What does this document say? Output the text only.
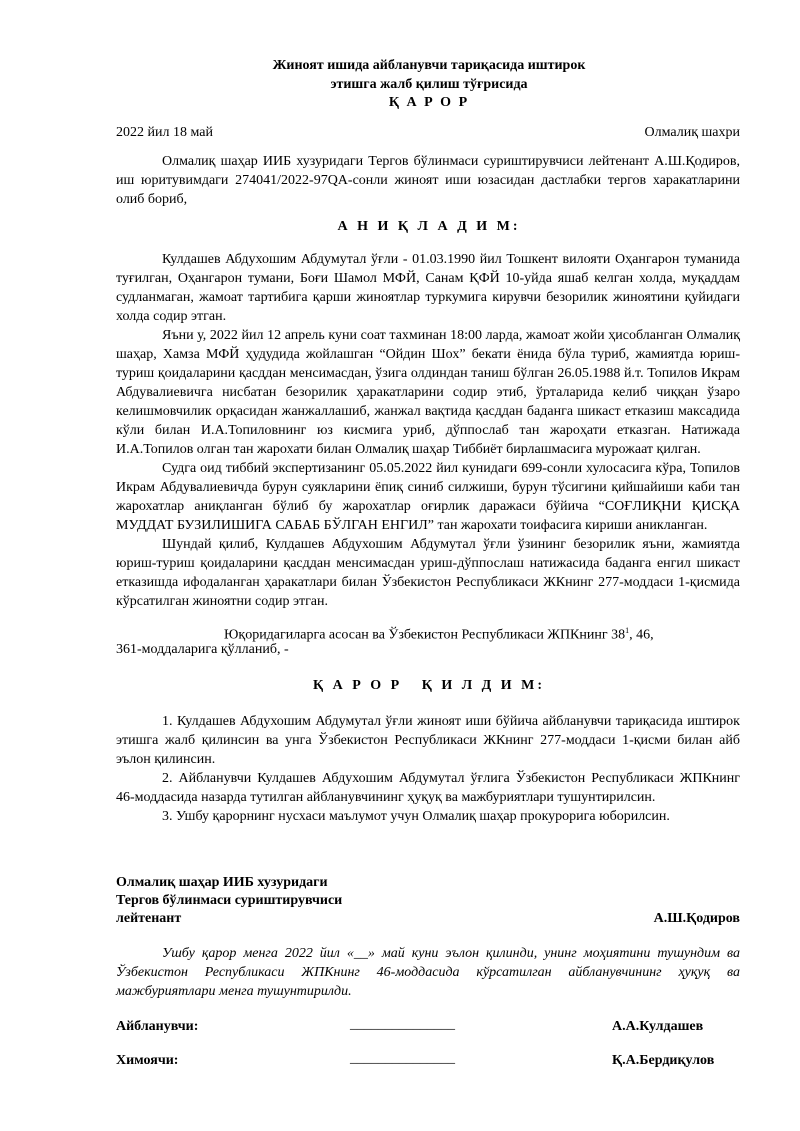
Жиноят ишида айбланувчи тариқасида иштирок
этишга жалб қилиш тўғрисида
Қ А Р О Р
2022 йил 18 май	Олмалиқ шахри

Олмалиқ шаҳар ИИБ хузуридаги Тергов бўлинмаси суриштирувчиси лейтенант А.Ш.Қодиров, иш юритувимдаги 274041/2022-97QА-сонли жиноят иши юзасидан дастлабки тергов харакатларини олиб бориб,

А Н И Қ Л А Д И М:

Кулдашев Абдухошим Абдумутал ўғли - 01.03.1990 йил Тошкент вилояти Оҳангарон туманида туғилган, Оҳангарон тумани, Боғи Шамол МФЙ, Санам ҚФЙ 10-уйда яшаб келган холда, муқаддам судланмаган, жамоат тартибига қарши жиноятлар туркумига кирувчи безорилик жиноятини қуйидаги холда содир этган.

Яъни у, 2022 йил 12 апрель куни соат тахминан 18:00 ларда, жамоат жойи ҳисобланган Олмалиқ шаҳар, Хамза МФЙ ҳудудида жойлашган “Ойдин Шох” бекати ёнида бўла туриб, жамиятда юриш-туриш қоидаларини қасддан менсимасдан, ўзига олдиндан таниш бўлган 26.05.1988 й.т. Топилов Икрам Абдувалиевичга нисбатан безорилик ҳаракатларини содир этиб, ўрталарида келиб чиққан ўзаро келишмовчилик орқасидан жанжаллашиб, жанжал вақтида қасддан баданга шикаст етказиш максадида кўли билан И.А.Топиловнинг юз кисмига уриб, дўппослаб тан жароҳати етказган. Натижада И.А.Топилов олган тан жарохати билан Олмалиқ шаҳар Тиббиёт бирлашмасига мурожаат қилган.

Судга оид тиббий экспертизанинг 05.05.2022 йил кунидаги 699-сонли хулосасига кўра, Топилов Икрам Абдувалиевичда бурун суякларини ёпиқ синиб силжиши, бурун тўсигини қийшайиши каби тан жарохатлар аниқланган бўлиб бу жарохатлар оғирлик даражаси бўйича “СОҒЛИҚНИ ҚИСҚА МУДДАТ БУЗИЛИШИГА САБАБ БЎЛГАН ЕНГИЛ” тан жарохати тоифасига кириши аникланган.

Шундай қилиб, Кулдашев Абдухошим Абдумутал ўғли ўзининг безорилик яъни, жамиятда юриш-туриш қоидаларини қасддан менсимасдан уриш-дўппослаш натижасида баданга енгил шикаст етказишда ифодаланган ҳаракатлари билан Ўзбекистон Республикаси ЖКнинг 277-моддаси 1-қисмида кўрсатилган жиноятни содир этган.

Юқоридагиларга асосан ва Ўзбекистон Республикаси ЖПКнинг $38^1$, 46,
361-моддаларига қўлланиб, -
Қ А Р О Р   Қ И Л Д И М:

1. Кулдашев Абдухошим Абдумутал ўғли жиноят иши бўйича айбланувчи тариқасида иштирок этишга жалб қилинсин ва унга Ўзбекистон Республикаси ЖКнинг 277-моддаси 1-қисми билан айб эълон қилинсин.

2. Айбланувчи Кулдашев Абдухошим Абдумутал ўғлига Ўзбекистон Республикаси ЖПКнинг 46-моддасида назарда тутилган айбланувчининг ҳуқуқ ва мажбуриятлари тушунтирилсин.

3. Ушбу қарорнинг нусхаси маълумот учун Олмалиқ шаҳар прокурорига юборилсин.

Олмалиқ шаҳар ИИБ хузуридаги
Тергов бўлинмаси суриштирувчиси
лейтенант	А.Ш.Қодиров

Ушбу қарор менга 2022 йил «__» май куни эълон қилинди, унинг моҳиятини тушундим ва Ўзбекистон Республикаси ЖПКнинг 46-моддасида кўрсатилган айбланувчининг ҳуқуқ ва мажбуриятлари менга тушунтирилди.

Айбланувчи:	_______________	А.А.Кулдашев
Химоячи:	_______________	Қ.А.Бердиқулов
